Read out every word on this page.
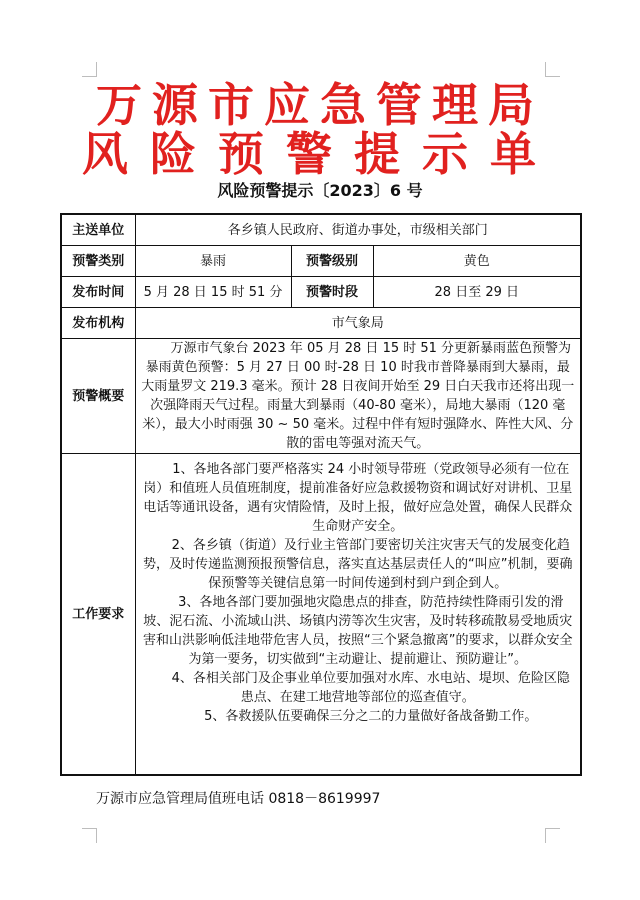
万源市应急管理局
风险预警提示单
风险预警提示〔2023〕6 号
主送单位	各乡镇人民政府、街道办事处，市级相关部门		
预警类别	暴雨	预警级别	黄色
发布时间	5 月 28 日 15 时 51 分	预警时段	28 日至 29 日
发布机构	市气象局		
预警概要	万源市气象台 2023 年 05 月 28 日 15 时 51 分更新暴雨蓝色预警为暴雨黄色预警：5 月 27 日 00 时-28 日 10 时我市普降暴雨到大暴雨，最大雨量罗文 219.3 毫米。预计 28 日夜间开始至 29 日白天我市还将出现一次强降雨天气过程。雨量大到暴雨（40-80 毫米），局地大暴雨（120 毫米），最大小时雨强 30 ~ 50 毫米。过程中伴有短时强降水、阵性大风、分散的雷电等强对流天气。		

工作要求	1、各地各部门要严格落实 24 小时领导带班（党政领导必须有一位在岗）和值班人员值班制度，提前准备好应急救援物资和调试好对讲机、卫星电话等通讯设备，遇有灾情险情，及时上报，做好应急处置，确保人民群众生命财产安全。

2、各乡镇（街道）及行业主管部门要密切关注灾害天气的发展变化趋势，及时传递监测预报预警信息，落实直达基层责任人的“叫应”机制，要确保预警等关键信息第一时间传递到村到户到企到人。

3、各地各部门要加强地灾隐患点的排查，防范持续性降雨引发的滑坡、泥石流、小流域山洪、场镇内涝等次生灾害，及时转移疏散易受地质灾害和山洪影响低洼地带危害人员，按照“三个紧急撤离”的要求，以群众安全为第一要务，切实做到“主动避让、提前避让、预防避让”。

4、各相关部门及企事业单位要加强对水库、水电站、堤坝、危险区隐患点、在建工地营地等部位的巡查值守。

5、各救援队伍要确保三分之二的力量做好备战备勤工作。		

万源市应急管理局值班电话 0818－8619997
